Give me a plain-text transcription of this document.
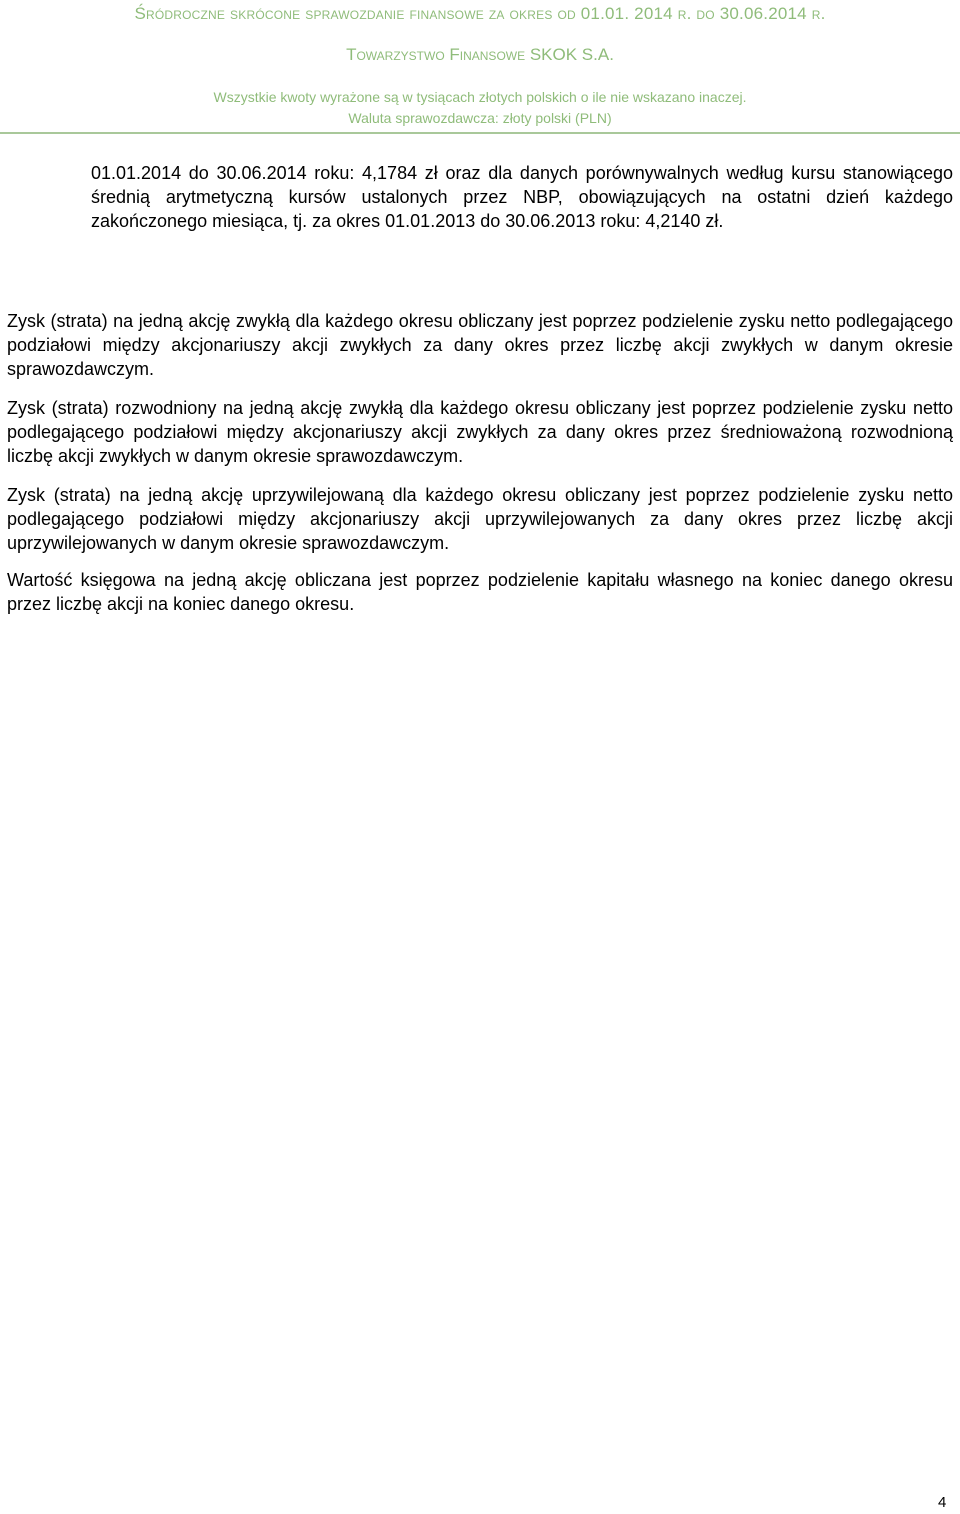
Śródroczne skrócone sprawozdanie finansowe za okres od 01.01. 2014 r. do 30.06.2014 r.
Towarzystwo Finansowe SKOK S.A.
Wszystkie kwoty wyrażone są w tysiącach złotych polskich o ile nie wskazano inaczej.
Waluta sprawozdawcza: złoty polski (PLN)

01.01.2014 do 30.06.2014 roku: 4,1784 zł oraz dla danych porównywalnych według kursu stanowiącego średnią arytmetyczną kursów ustalonych przez NBP, obowiązujących na ostatni dzień każdego zakończonego miesiąca, tj. za okres 01.01.2013 do 30.06.2013 roku: 4,2140 zł.

Zysk (strata) na jedną akcję zwykłą dla każdego okresu obliczany jest poprzez podzielenie zysku netto podlegającego podziałowi między akcjonariuszy akcji zwykłych za dany okres przez liczbę akcji zwykłych w danym okresie sprawozdawczym.

Zysk (strata) rozwodniony na jedną akcję zwykłą dla każdego okresu obliczany jest poprzez podzielenie zysku netto podlegającego podziałowi między akcjonariuszy akcji zwykłych za dany okres przez średnioważoną rozwodnioną liczbę akcji zwykłych w danym okresie sprawozdawczym.

Zysk (strata) na jedną akcję uprzywilejowaną dla każdego okresu obliczany jest poprzez podzielenie zysku netto podlegającego podziałowi między akcjonariuszy akcji uprzywilejowanych za dany okres przez liczbę akcji uprzywilejowanych w danym okresie sprawozdawczym.

Wartość księgowa na jedną akcję obliczana jest poprzez podzielenie kapitału własnego na koniec danego okresu przez liczbę akcji na koniec danego okresu.

4
